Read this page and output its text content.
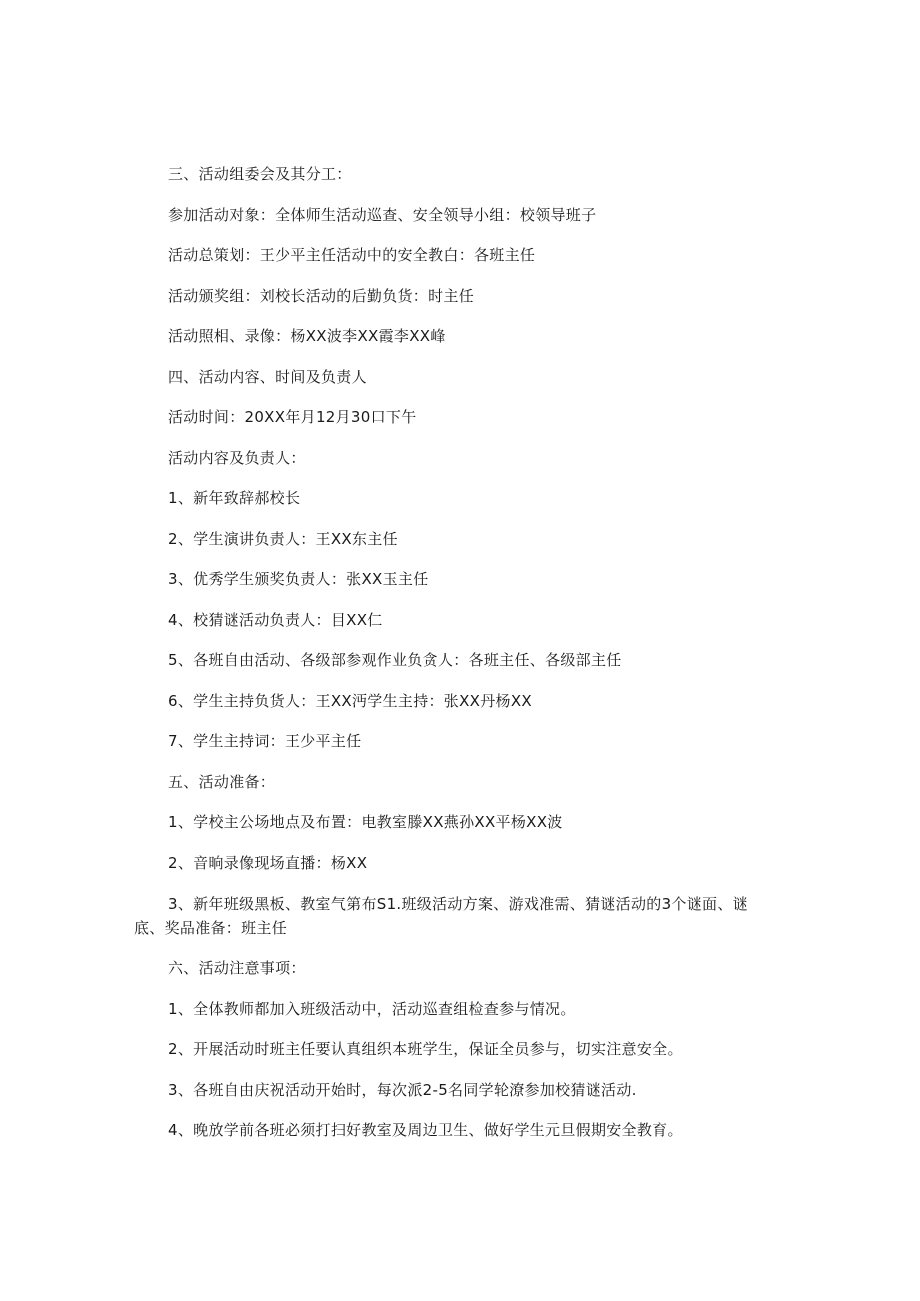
三、活动组委会及其分工：
参加活动对象：全体师生活动巡查、安全领导小组：校领导班子
活动总策划：王少平主任活动中的安全教白：各班主任
活动颁奖组：刘校长活动的后勤负货：时主任
活动照相、录像：杨XX波李XX霞李XX峰
四、活动内容、时间及负责人
活动时间：20XX年月12月30口下午
活动内容及负责人：
1、新年致辞郝校长
2、学生演讲负责人：王XX东主任
3、优秀学生颁奖负责人：张XX玉主任
4、校猜谜活动负责人：目XX仁
5、各班自由活动、各级部参观作业负贪人：各班主任、各级部主任
6、学生主持负货人：王XX沔学生主持：张XX丹杨XX
7、学生主持词：王少平主任
五、活动准备：
1、学校主公场地点及布置：电教室滕XX燕孙XX平杨XX波
2、音晌录像现场直播：杨XX
3、新年班级黑板、教室气第布S1.班级活动方案、游戏准需、猜谜活动的3个谜面、谜底、奖品准备：班主任
六、活动注意事项：
1、全体教师都加入班级活动中，活动巡查组检查参与情况。
2、开展活动时班主任要认真组织本班学生，保证全员参与，切实注意安全。
3、各班自由庆祝活动开始时，每次派2-5名同学轮潦参加校猜谜活动.
4、晚放学前各班必须打扫好教室及周边卫生、做好学生元旦假期安全教育。
